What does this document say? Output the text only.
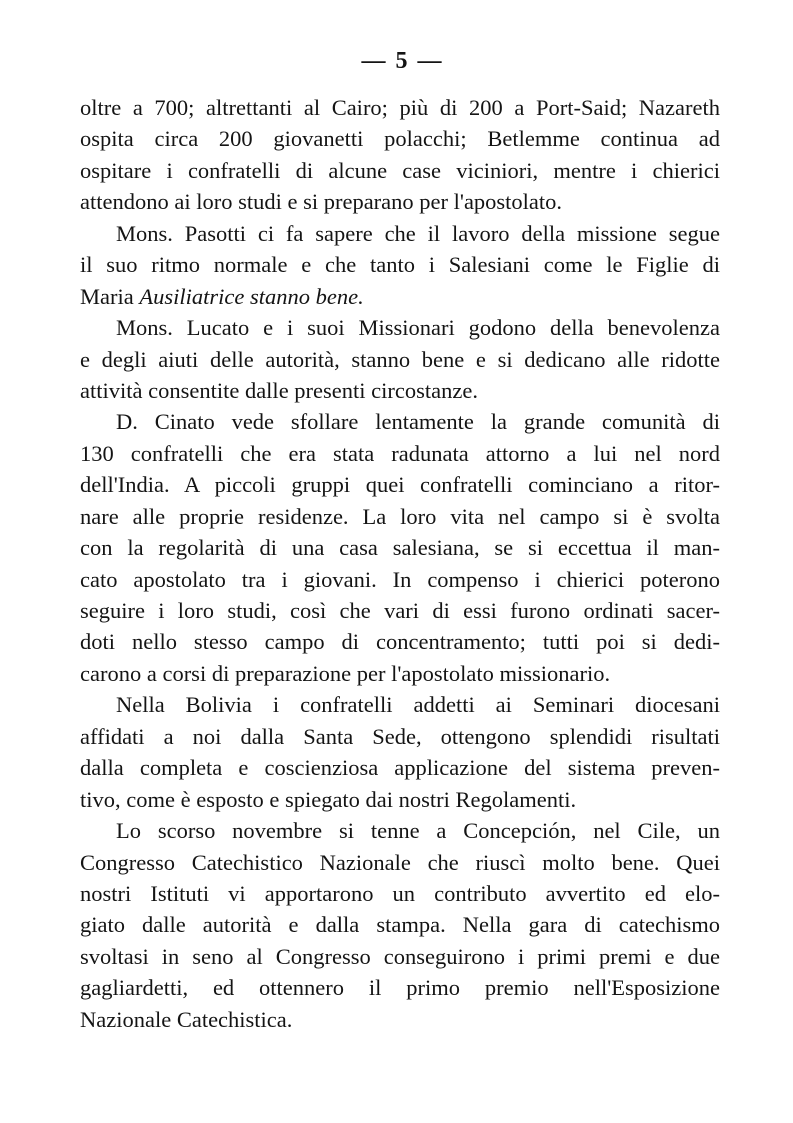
— 5 —
oltre a 700; altrettanti al Cairo; più di 200 a Port-Said; Nazareth
ospita circa 200 giovanetti polacchi; Betlemme continua ad
ospitare i confratelli di alcune case viciniori, mentre i chierici
attendono ai loro studi e si preparano per l'apostolato.
Mons. Pasotti ci fa sapere che il lavoro della missione segue
il suo ritmo normale e che tanto i Salesiani come le Figlie di
Maria Ausiliatrice stanno bene.
Mons. Lucato e i suoi Missionari godono della benevolenza
e degli aiuti delle autorità, stanno bene e si dedicano alle ridotte
attività consentite dalle presenti circostanze.
D. Cinato vede sfollare lentamente la grande comunità di
130 confratelli che era stata radunata attorno a lui nel nord
dell'India. A piccoli gruppi quei confratelli cominciano a ritor-
nare alle proprie residenze. La loro vita nel campo si è svolta
con la regolarità di una casa salesiana, se si eccettua il man-
cato apostolato tra i giovani. In compenso i chierici poterono
seguire i loro studi, così che vari di essi furono ordinati sacer-
doti nello stesso campo di concentramento; tutti poi si dedi-
carono a corsi di preparazione per l'apostolato missionario.
Nella Bolivia i confratelli addetti ai Seminari diocesani
affidati a noi dalla Santa Sede, ottengono splendidi risultati
dalla completa e coscienziosa applicazione del sistema preven-
tivo, come è esposto e spiegato dai nostri Regolamenti.
Lo scorso novembre si tenne a Concepción, nel Cile, un
Congresso Catechistico Nazionale che riuscì molto bene. Quei
nostri Istituti vi apportarono un contributo avvertito ed elo-
giato dalle autorità e dalla stampa. Nella gara di catechismo
svoltasi in seno al Congresso conseguirono i primi premi e due
gagliardetti, ed ottennero il primo premio nell'Esposizione
Nazionale Catechistica.
